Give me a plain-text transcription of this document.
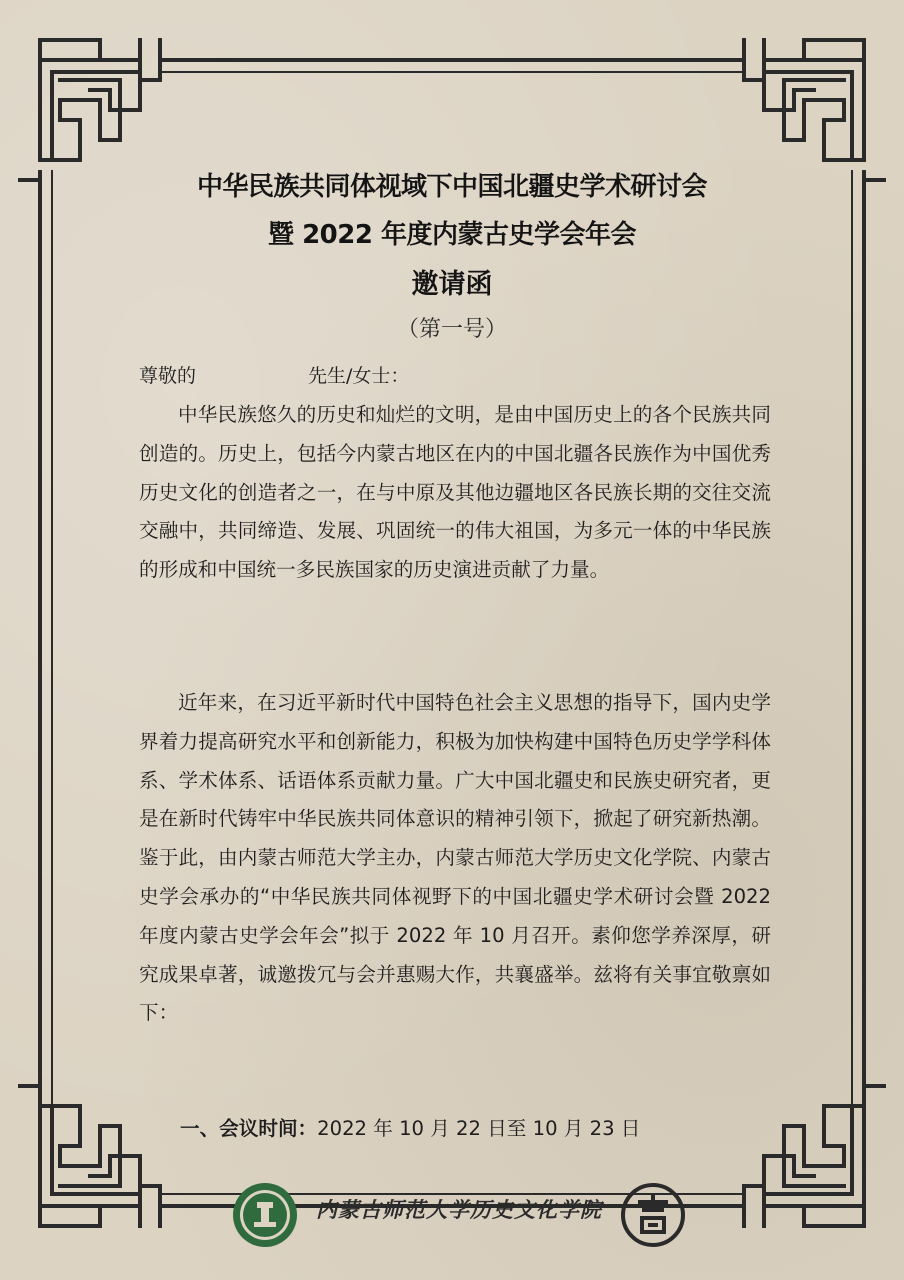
中华民族共同体视域下中国北疆史学术研讨会
暨 2022 年度内蒙古史学会年会
邀请函
（第一号）
尊敬的	先生/女士：
中华民族悠久的历史和灿烂的文明，是由中国历史上的各个民族共同创造的。历史上，包括今内蒙古地区在内的中国北疆各民族作为中国优秀历史文化的创造者之一，在与中原及其他边疆地区各民族长期的交往交流交融中，共同缔造、发展、巩固统一的伟大祖国，为多元一体的中华民族的形成和中国统一多民族国家的历史演进贡献了力量。
近年来，在习近平新时代中国特色社会主义思想的指导下，国内史学界着力提高研究水平和创新能力，积极为加快构建中国特色历史学学科体系、学术体系、话语体系贡献力量。广大中国北疆史和民族史研究者，更是在新时代铸牢中华民族共同体意识的精神引领下，掀起了研究新热潮。鉴于此，由内蒙古师范大学主办，内蒙古师范大学历史文化学院、内蒙古史学会承办的“中华民族共同体视野下的中国北疆史学术研讨会暨 2022 年度内蒙古史学会年会”拟于 2022 年 10 月召开。素仰您学养深厚，研究成果卓著，诚邀拨冗与会并惠赐大作，共襄盛举。兹将有关事宜敬禀如下：
一、会议时间：2022 年 10 月 22 日至 10 月 23 日
内蒙古师范大学历史文化学院
